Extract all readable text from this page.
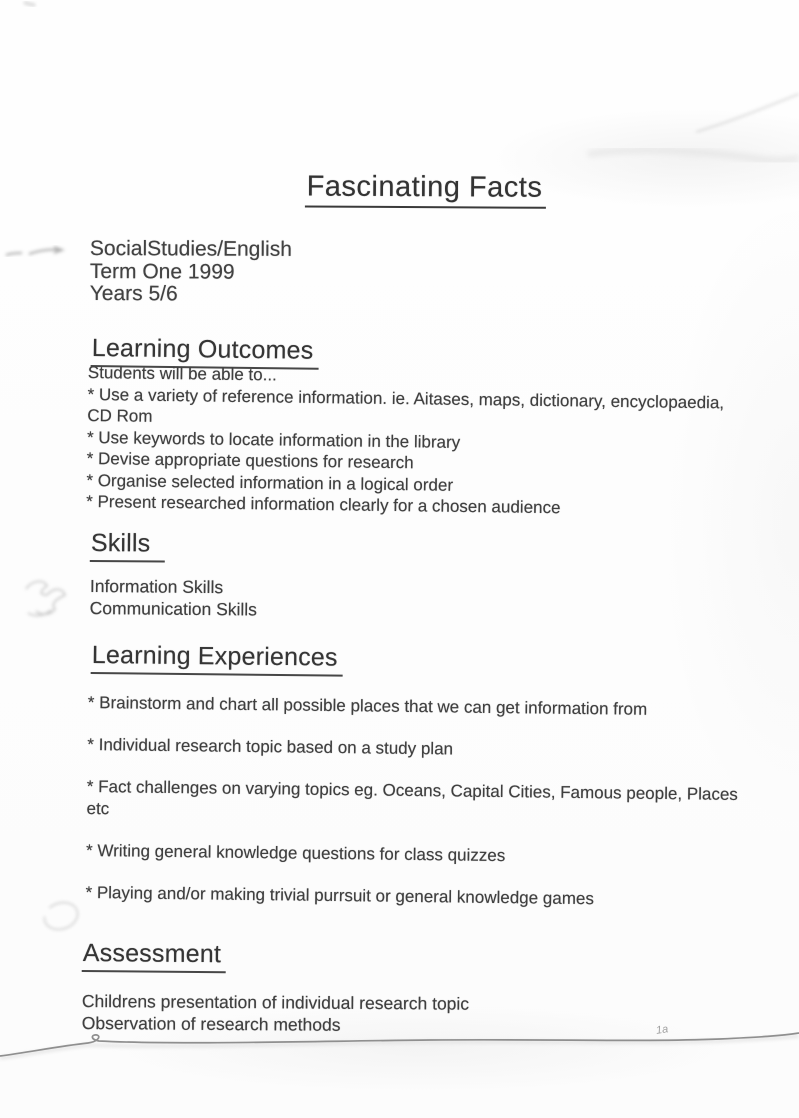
Fascinating Facts
SocialStudies/English
Term One 1999
Years 5/6
Learning Outcomes
Students will be able to...
* Use a variety of reference information. ie. Aitases, maps, dictionary, encyclopaedia, CD Rom
* Use keywords to locate information in the library
* Devise appropriate questions for research
* Organise selected information in a logical order
* Present researched information clearly for a chosen audience
Skills
Information Skills
Communication Skills
Learning Experiences
* Brainstorm and chart all possible places that we can get information from
* Individual research topic based on a study plan
* Fact challenges on varying topics eg. Oceans, Capital Cities, Famous people, Places etc
* Writing general knowledge questions for class quizzes
* Playing and/or making trivial purrsuit or general knowledge games
Assessment
Childrens presentation of individual research topic
Observation of research methods	1a
